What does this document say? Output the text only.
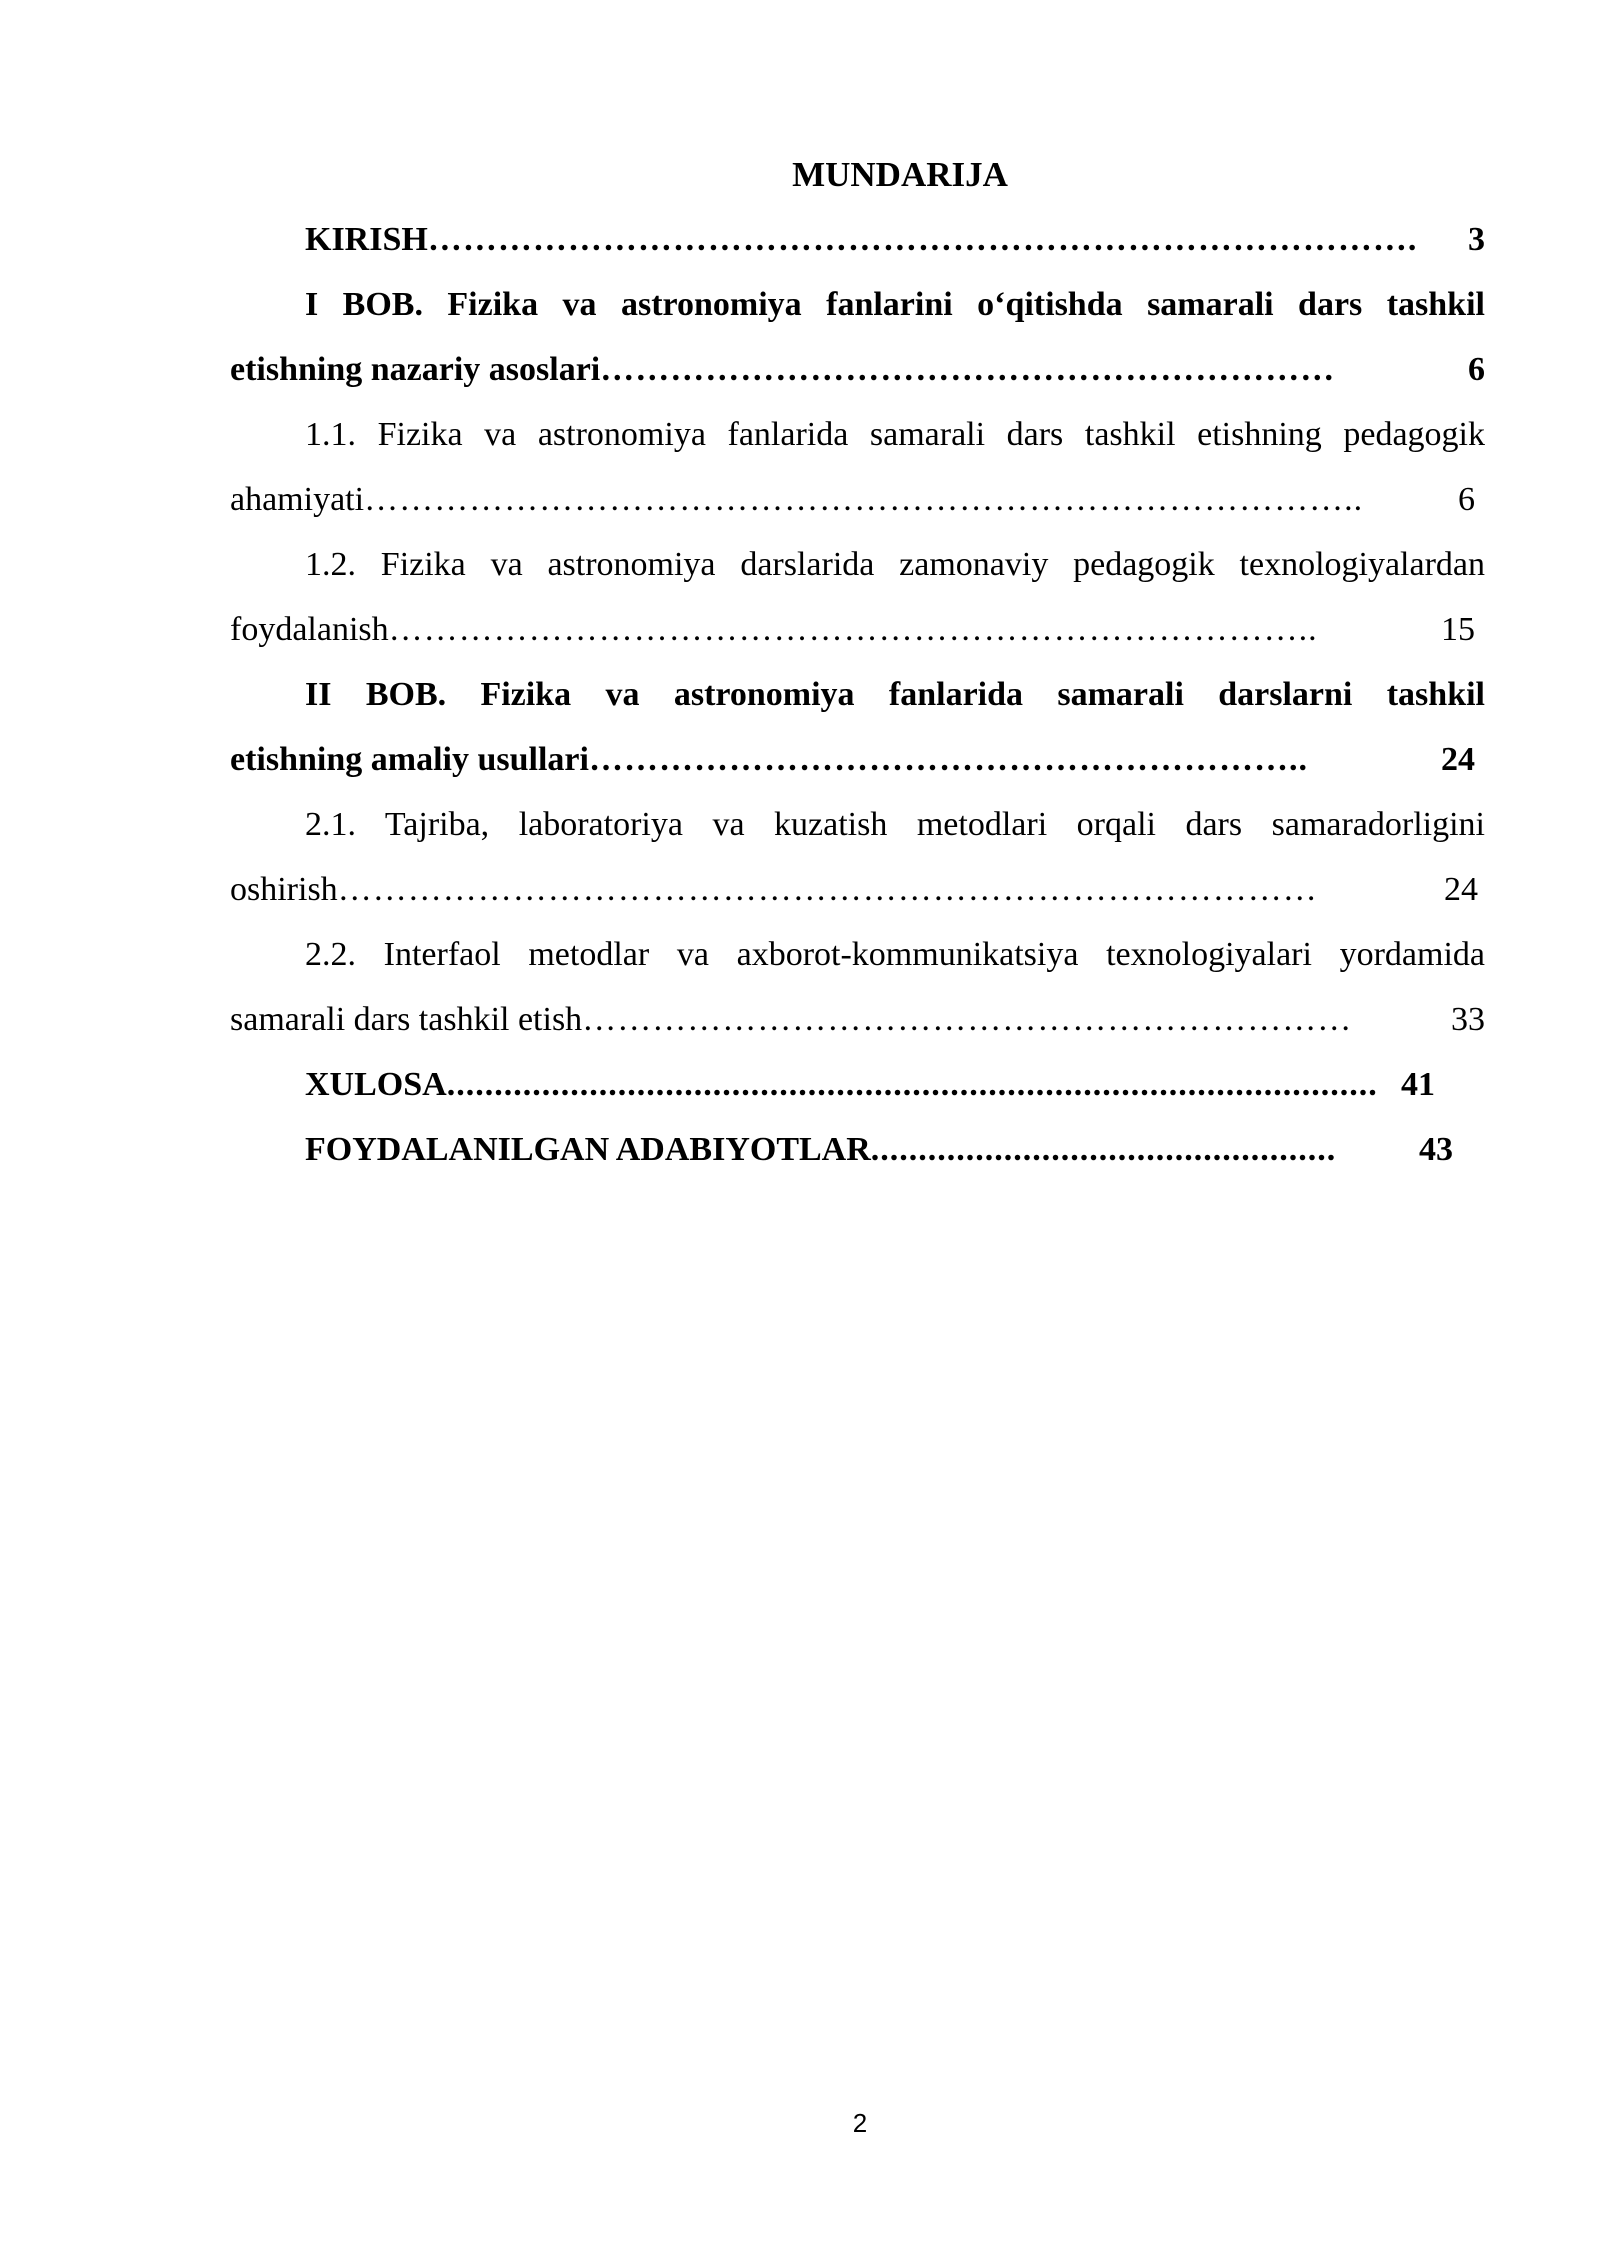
MUNDARIJA
KIRISH ………………………………………………………………………….	3
I BOB. Fizika va astronomiya fanlarini o‘qitishda samarali dars tashkil
etishning nazariy asoslari ………………………………………………………	6
1.1. Fizika va astronomiya fanlarida samarali dars tashkil etishning pedagogik
ahamiyati …………………………………………………………………………..	6
1.2. Fizika va astronomiya darslarida zamonaviy pedagogik texnologiyalardan
foydalanish ……………………………………………………………………..	15
II BOB. Fizika va astronomiya fanlarida samarali darslarni tashkil
etishning amaliy usullari ……………………………………………………..	24
2.1. Tajriba, laboratoriya va kuzatish metodlari orqali dars samaradorligini
oshirish …………………………………………………………………………	24
2.2. Interfaol metodlar va axborot-kommunikatsiya texnologiyalari yordamida
samarali dars tashkil etish …………………………………………………………	33
XULOSA .................................................................................................. 41
FOYDALANILGAN ADABIYOTLAR .................................................	43
2
